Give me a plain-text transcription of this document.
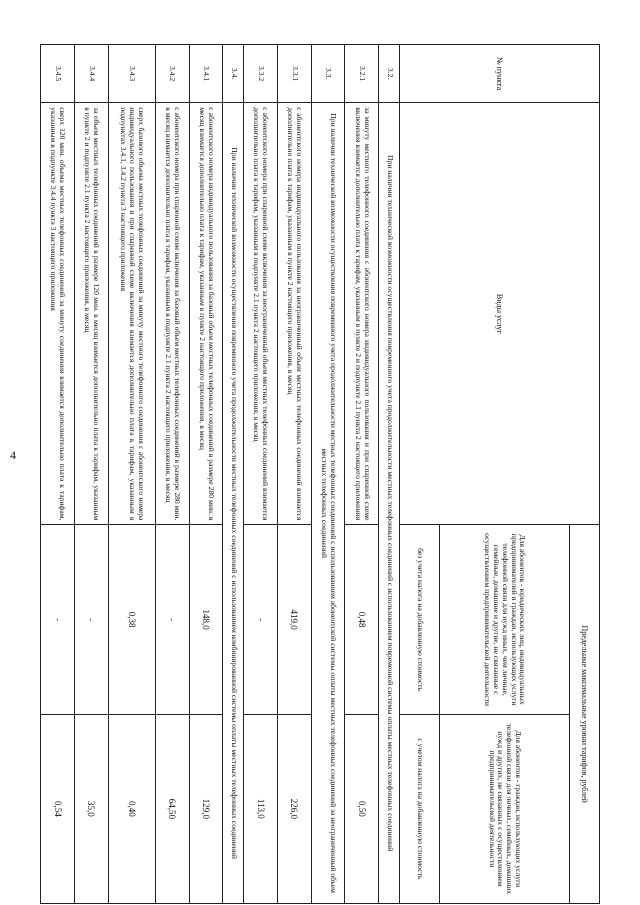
4
№ пункта	Виды услуг	Предельные максимальные уровни тарифов, рублей	
		Для абонентов - юридических лиц, индивидуальных предпринимателей и граждан, использующих услуги телефонной связи для нужд иных, чем личные, семейные, домашние и другие, не связанные с осуществлением предпринимательской деятельности	Для абонентов - граждан, использующих услуги телефонной связи для личных, семейных, домашних нужд и других, не связанных с осуществлением предпринимательской деятельности
		без учета налога на добавленную стоимость	с учетом налога на добавленную стоимость
3.2.	При наличии технической возможности осуществления повременного учета продолжительности местных телефонных соединений с использованием повременной системы оплаты местных телефонных соединений		
3.2.1	за минуту местного телефонного соединения с абонентского номера индивидуального пользования и при спаренной схеме включения взимается дополнительно плата к тарифам, указанным в пункте 2 и подпункте 2.1 пункта 2 настоящего приложения	0,48	0,50
3.3.	При наличии технической возможности осуществления повременного учета продолжительности местных телефонных соединений с использованием абонентской системы оплаты местных телефонных соединений за неограниченный объем местных телефонных соединений		
3.3.1	с абонентского номера индивидуального пользования за неограниченный объем местных телефонных соединений взимается дополнительно плата к тарифам, указанным в пункте 2 настоящего приложения, в месяц	419,0	226,0
3.3.2	с абонентского номера при спаренной схеме включения за неограниченный объем местных телефонных соединений взимается дополнительно плата к тарифам, указанным в подпункте 2.1 пункта 2 настоящего приложения, в месяц	-	113,0
3.4.	При наличии технической возможности осуществления повременного учета продолжительности местных телефонных соединений с использованием комбинированной системы оплаты местных телефонных соединений		
3.4.1	с абонентского номера индивидуального пользования за базовый объем местных телефонных соединений в размере 280 мин. в месяц взимается дополнительно плата к тарифам, указанным в пункте 2 настоящего приложения, в месяц	148,0	129,0
3.4.2	с абонентского номера при спаренной схеме включения за базовый объем местных телефонных соединений в размере 280 мин. в месяц взимается дополнительно плата к тарифам, указанным в подпункте 2.1 пункта 2 настоящего приложения, в месяц	-	64,50
3.4.3	сверх базового объема местных телефонных соединений за минуту местного телефонного соединения с абонентского номера индивидуального пользования и при спаренной схеме включения взимается дополнительно плата к тарифам, указанным в подпунктах 3.4.1, 3.4.2 пункта 3 настоящего приложения	0,38	0,40
3.4.4	за объем местных телефонных соединений в размере 120 мин. в месяц взимается дополнительно плата к тарифам, указанным в пункте 2 и подпункте 2.1 пункта 2 настоящего приложения, в месяц	-	35,0
3.4.5	сверх 120 мин. объема местных телефонных соединений за минуту соединения взимается дополнительно плата к тарифам, указанным в подпункте 3.4.4 пункта 3 настоящего приложения	-	0,54
